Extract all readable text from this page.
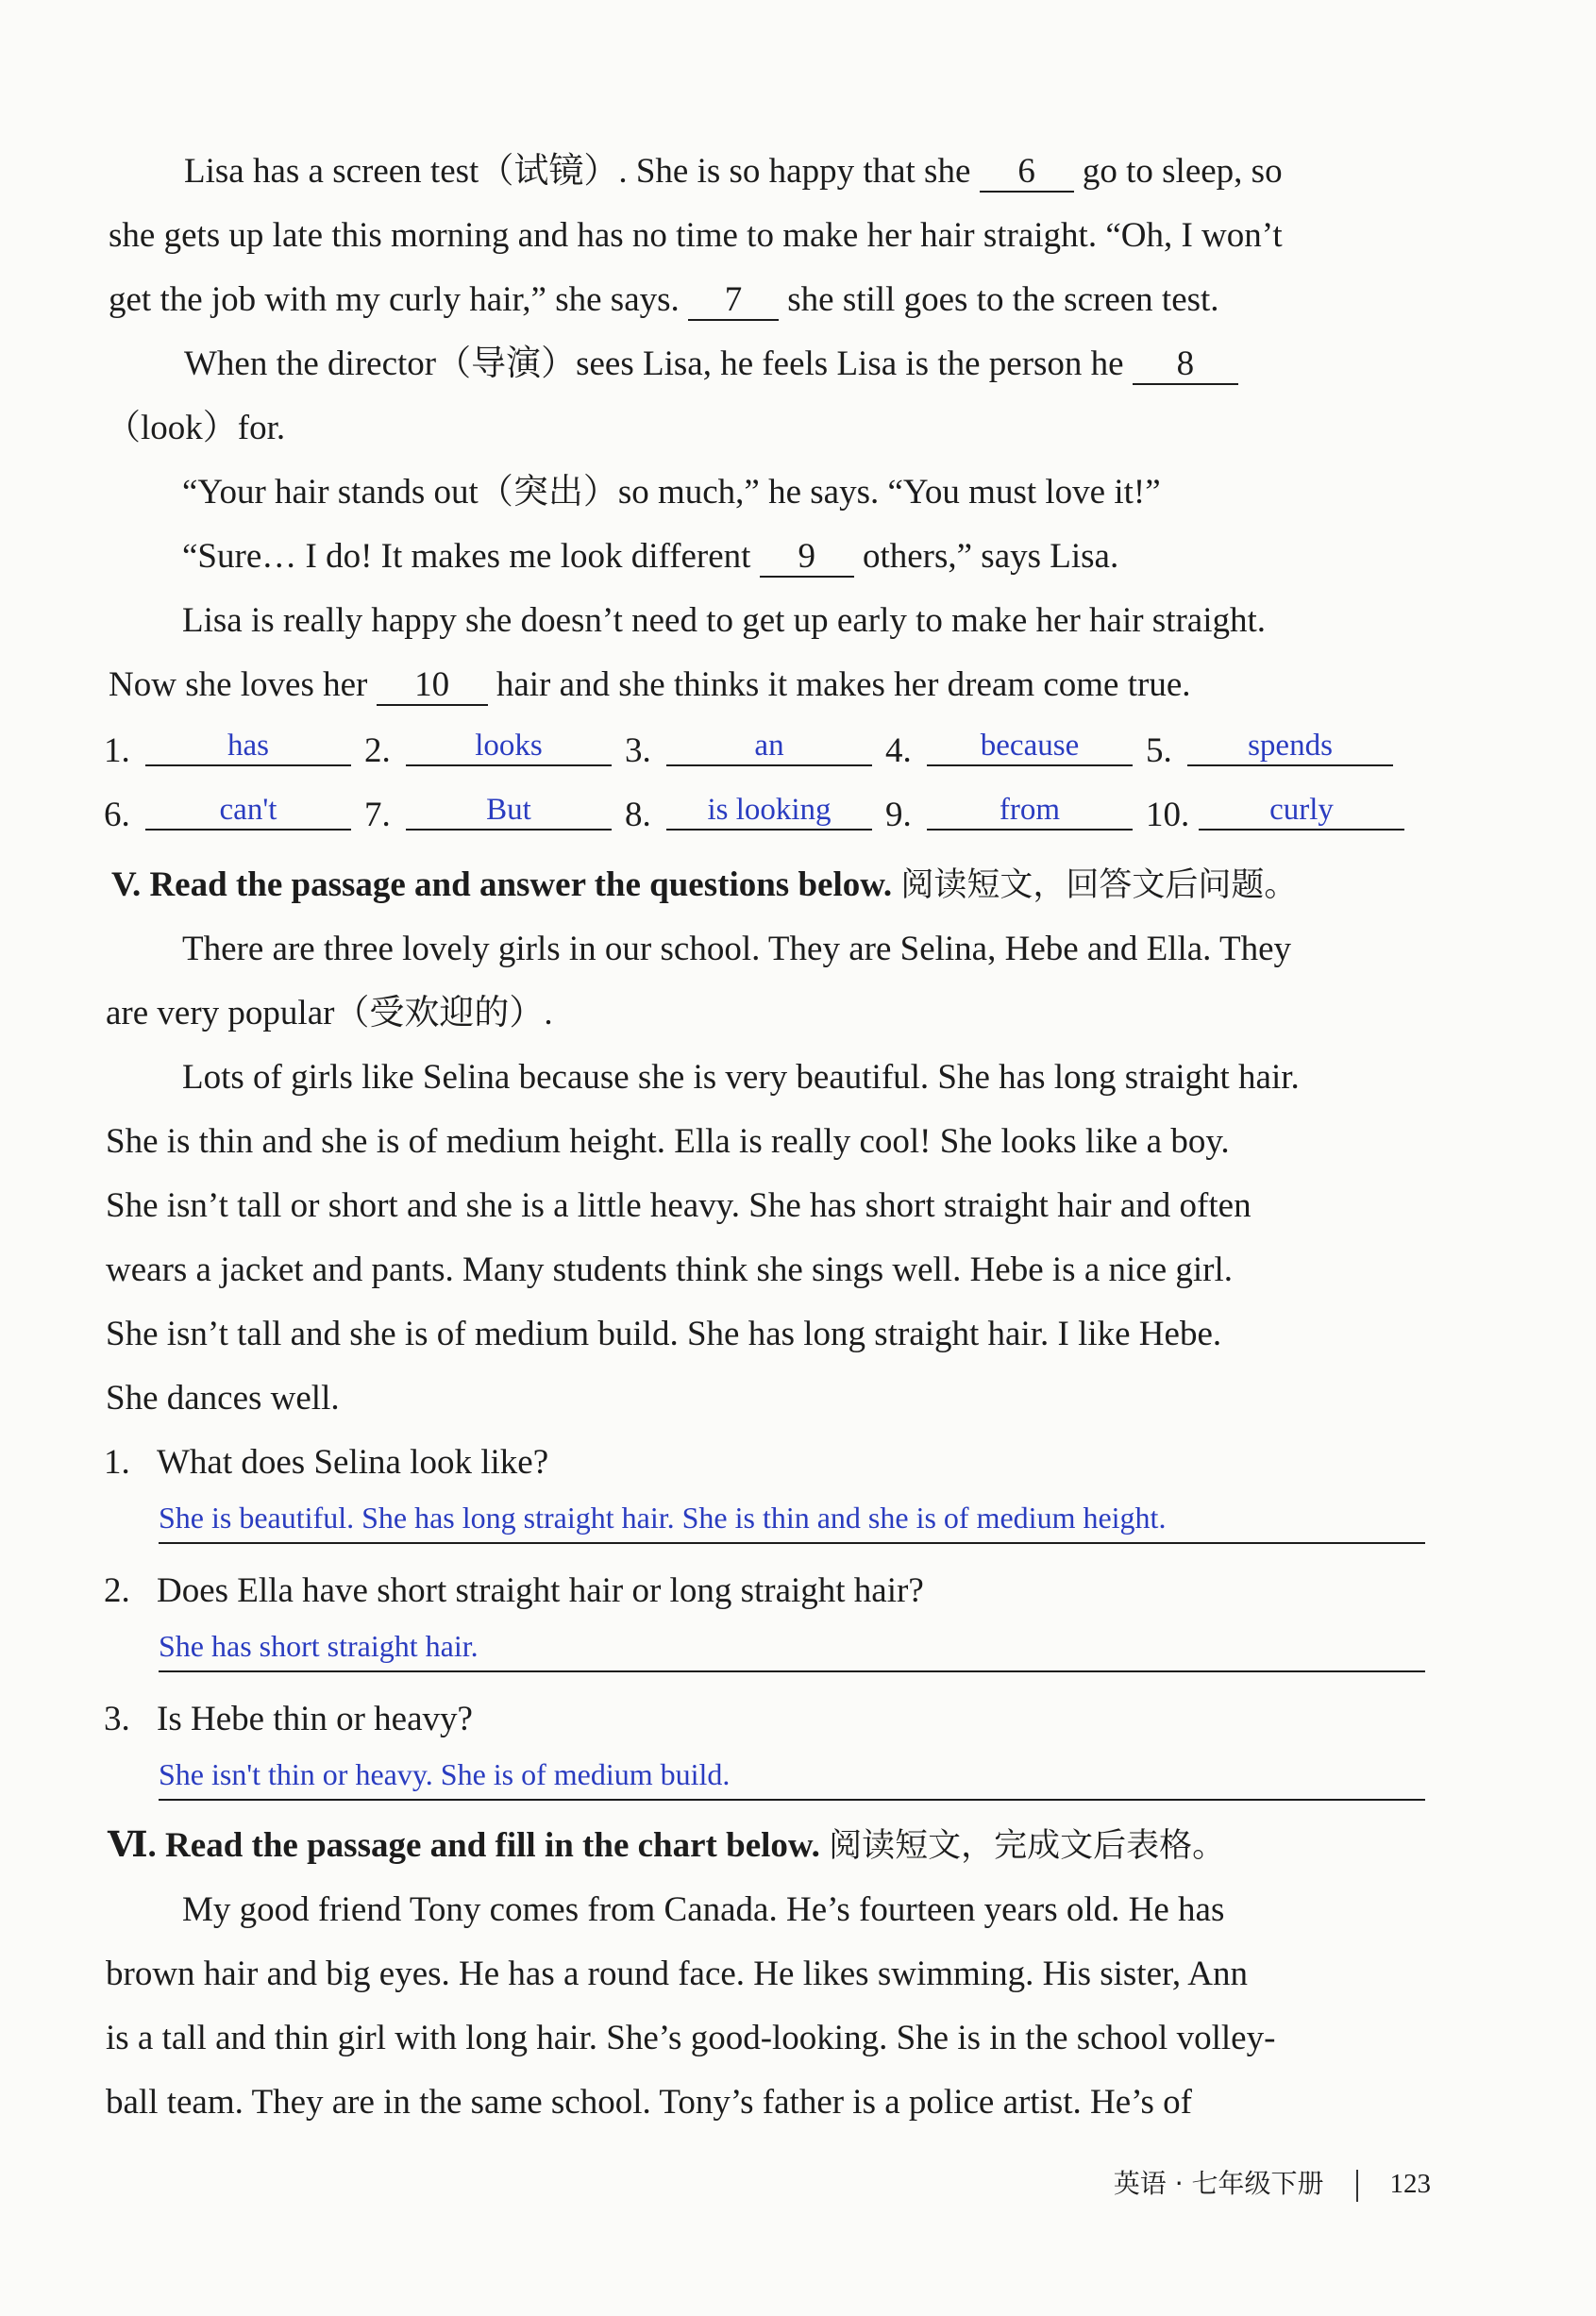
Lisa has a screen test（试镜）. She is so happy that she 6 go to sleep, so
she gets up late this morning and has no time to make her hair straight. “Oh, I won’t
get the job with my curly hair,” she says. 7 she still goes to the screen test.
When the director（导演）sees Lisa, he feels Lisa is the person he 8
（look）for.
“Your hair stands out（突出）so much,” he says. “You must love it!”
“Sure… I do! It makes me look different 9 others,” says Lisa.
Lisa is really happy she doesn’t need to get up early to make her hair straight.
Now she loves her 10 hair and she thinks it makes her dream come true.
1.	has	2.	looks	3.	an	4.	because	5.	spends
6.	can't	7.	But	8.	is looking	9.	from	10.	curly
V. Read the passage and answer the questions below. 阅读短文，回答文后问题。
There are three lovely girls in our school. They are Selina, Hebe and Ella. They
are very popular（受欢迎的）.
Lots of girls like Selina because she is very beautiful. She has long straight hair.
She is thin and she is of medium height. Ella is really cool! She looks like a boy.
She isn’t tall or short and she is a little heavy. She has short straight hair and often
wears a jacket and pants. Many students think she sings well. Hebe is a nice girl.
She isn’t tall and she is of medium build. She has long straight hair. I like Hebe.
She dances well.
1. What does Selina look like?
She is beautiful. She has long straight hair. She is thin and she is of medium height.
2. Does Ella have short straight hair or long straight hair?
She has short straight hair.
3. Is Hebe thin or heavy?
She isn't thin or heavy. She is of medium build.
Ⅵ. Read the passage and fill in the chart below. 阅读短文，完成文后表格。
My good friend Tony comes from Canada. He’s fourteen years old. He has
brown hair and big eyes. He has a round face. He likes swimming. His sister, Ann
is a tall and thin girl with long hair. She’s good-looking. She is in the school volley-
ball team. They are in the same school. Tony’s father is a police artist. He’s of
英语 · 七年级下册 123
